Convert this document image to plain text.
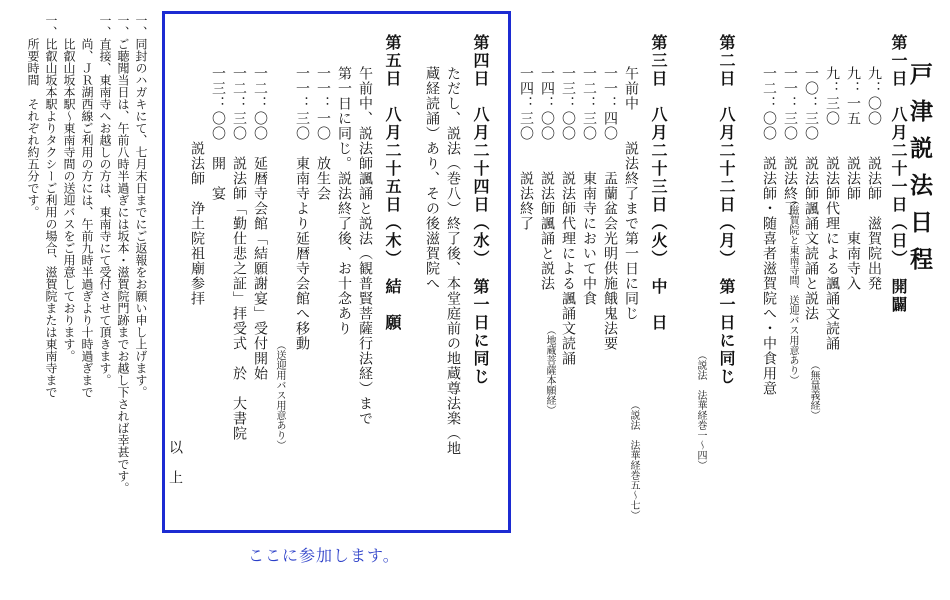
戸津説法日程
第一日　八月二十一日（日）　開闢
九：〇〇　　説法師　滋賀院出発
九：一五　　説法師　　東南寺入
九：三〇　　説法師代理による諷誦文読誦
一〇：三〇　説法師諷誦文読誦と説法
（無量義経）
一一：三〇　説法終了
（滋賀院と東南寺間、送迎バス用意あり）
一二：〇〇　説法師・随喜者滋賀院へ・中食用意
第二日　八月二十二日（月）　第一日に同じ
（説法　法華経巻一〜四）
第三日　八月二十三日（火）　中　日
午前中　　説法終了まで第一日に同じ
（説法　法華経巻五〜七）
一一：四〇　　盂蘭盆会光明供施餓鬼法要
一二：三〇　　東南寺において中食
一三：〇〇　　説法師代理による諷誦文読誦
一四：〇〇　　説法師諷誦と説法
（地蔵菩薩本願経）
一四：三〇　　説法終了
第四日　八月二十四日（水）　第一日に同じ
ただし、説法（巻八）終了後、本堂庭前の地蔵尊法楽（地
蔵経読誦）あり、その後滋賀院へ
第五日　八月二十五日（木）　結　願
午前中、説法師諷誦と説法（観普賢菩薩行法経）まで
第一日に同じ。説法終了後、お十念あり
一一：一〇　放生会
一一：三〇　東南寺より延暦寺会館へ移動
（送迎用バス用意あり）
一二：〇〇　延暦寺会館「結願謝宴」受付開始
一二：三〇　説法師「勤仕悲之証」拝受式　於　大書院
一三：〇〇　開　宴
　　　　　説法師　浄土院祖廟参拝
以　上
ここに参加します。
一、同封のハガキにて、七月末日までにご返報をお願い申し上げます。
一、ご聴聞当日は、午前八時半過ぎには坂本・滋賀院門跡までお越し下されば幸甚です。
一、直接、東南寺へお越しの方は、東南寺にて受付させて頂きます。
　　尚、ＪＲ湖西線ご利用の方には、午前九時半過ぎより十時過ぎまで
　　比叡山坂本駅〜東南寺間の送迎バスをご用意しております。
一、比叡山坂本駅よりタクシーご利用の場合、滋賀院または東南寺まで
　　所要時間　それぞれ約五分です。
